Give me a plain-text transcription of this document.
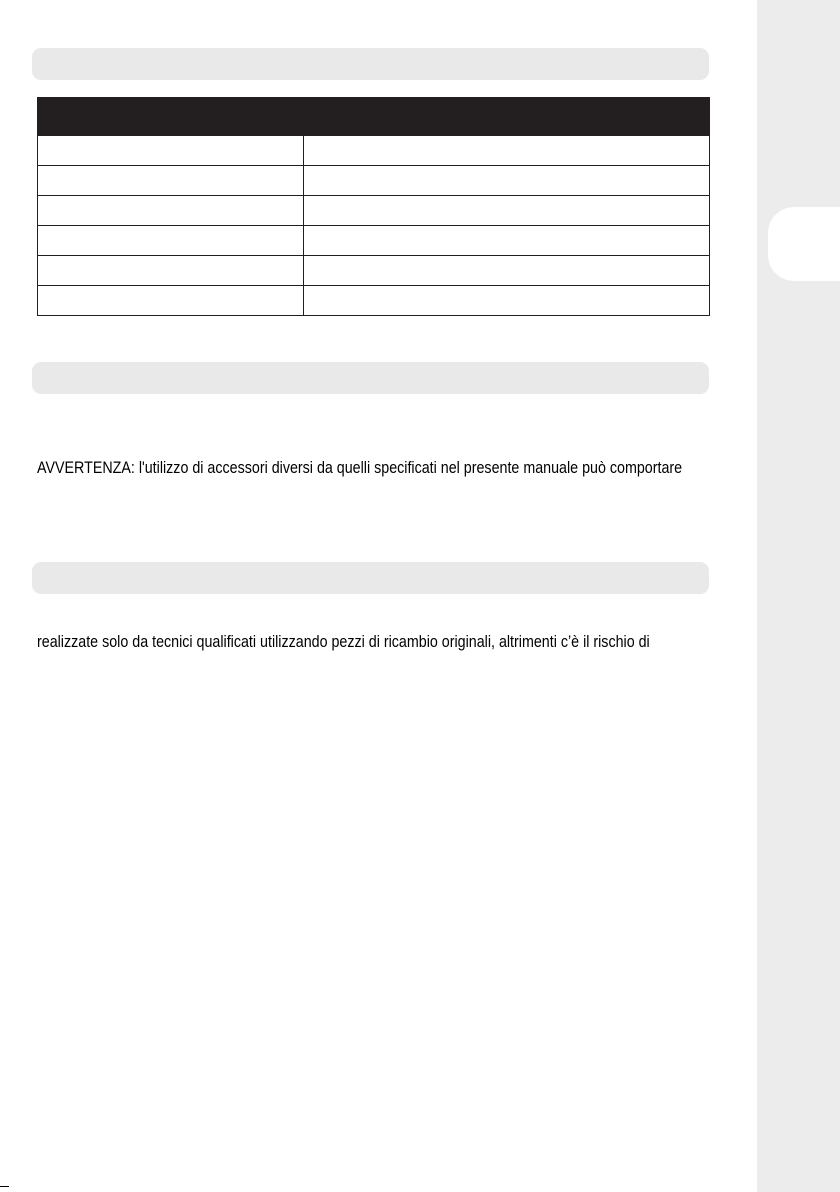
AVVERTENZA: l'utilizzo di accessori diversi da quelli specificati nel presente manuale può comportare
realizzate solo da tecnici qualificati utilizzando pezzi di ricambio originali, altrimenti c’è il rischio di
